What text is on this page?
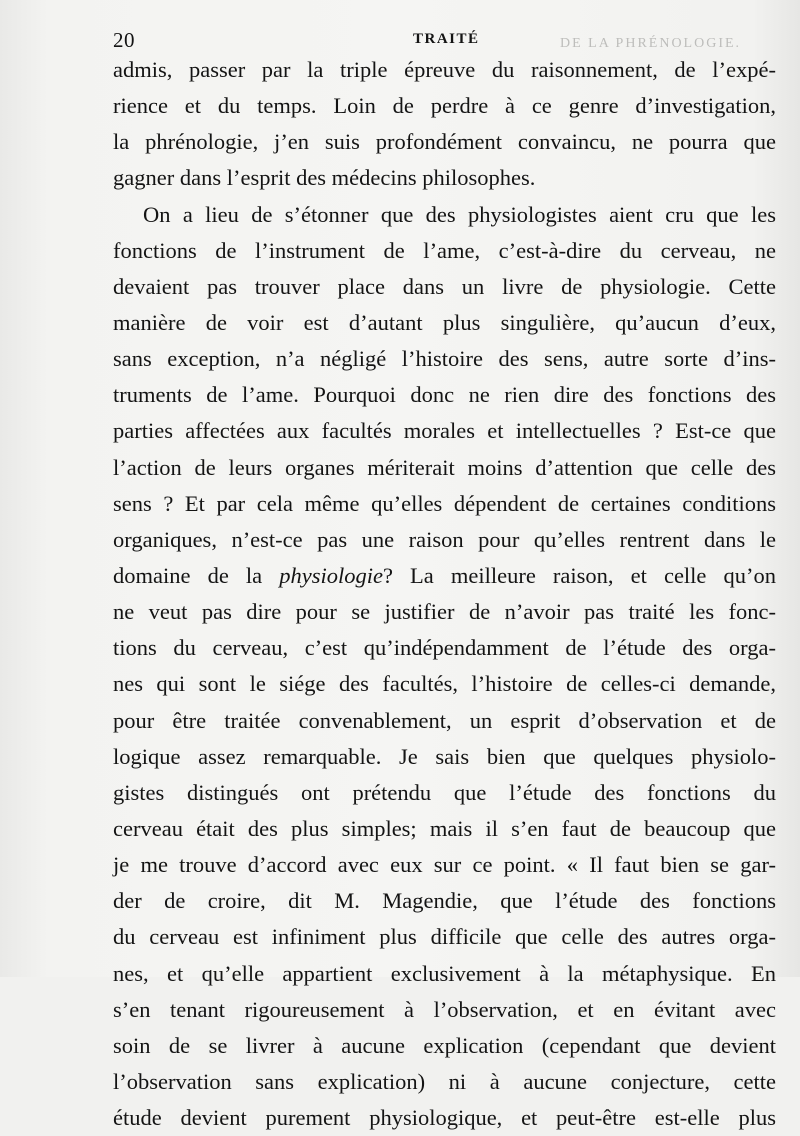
20	TRAITÉ	DE LA PHRÉNOLOGIE.
admis, passer par la triple épreuve du raisonnement, de l’expé-
rience et du temps. Loin de perdre à ce genre d’investigation,
la phrénologie, j’en suis profondément convaincu, ne pourra que
gagner dans l’esprit des médecins philosophes.
On a lieu de s’étonner que des physiologistes aient cru que les
fonctions de l’instrument de l’ame, c’est-à-dire du cerveau, ne
devaient pas trouver place dans un livre de physiologie. Cette
manière de voir est d’autant plus singulière, qu’aucun d’eux,
sans exception, n’a négligé l’histoire des sens, autre sorte d’ins-
truments de l’ame. Pourquoi donc ne rien dire des fonctions des
parties affectées aux facultés morales et intellectuelles ? Est-ce que
l’action de leurs organes mériterait moins d’attention que celle des
sens ? Et par cela même qu’elles dépendent de certaines conditions
organiques, n’est-ce pas une raison pour qu’elles rentrent dans le
domaine de la physiologie? La meilleure raison, et celle qu’on
ne veut pas dire pour se justifier de n’avoir pas traité les fonc-
tions du cerveau, c’est qu’indépendamment de l’étude des orga-
nes qui sont le siége des facultés, l’histoire de celles-ci demande,
pour être traitée convenablement, un esprit d’observation et de
logique assez remarquable. Je sais bien que quelques physiolo-
gistes distingués ont prétendu que l’étude des fonctions du
cerveau était des plus simples; mais il s’en faut de beaucoup que
je me trouve d’accord avec eux sur ce point. « Il faut bien se gar-
der de croire, dit M. Magendie, que l’étude des fonctions
du cerveau est infiniment plus difficile que celle des autres orga-
nes, et qu’elle appartient exclusivement à la métaphysique. En
s’en tenant rigoureusement à l’observation, et en évitant avec
soin de se livrer à aucune explication (cependant que devient
l’observation sans explication) ni à aucune conjecture, cette
étude devient purement physiologique, et peut-être est-elle plus
